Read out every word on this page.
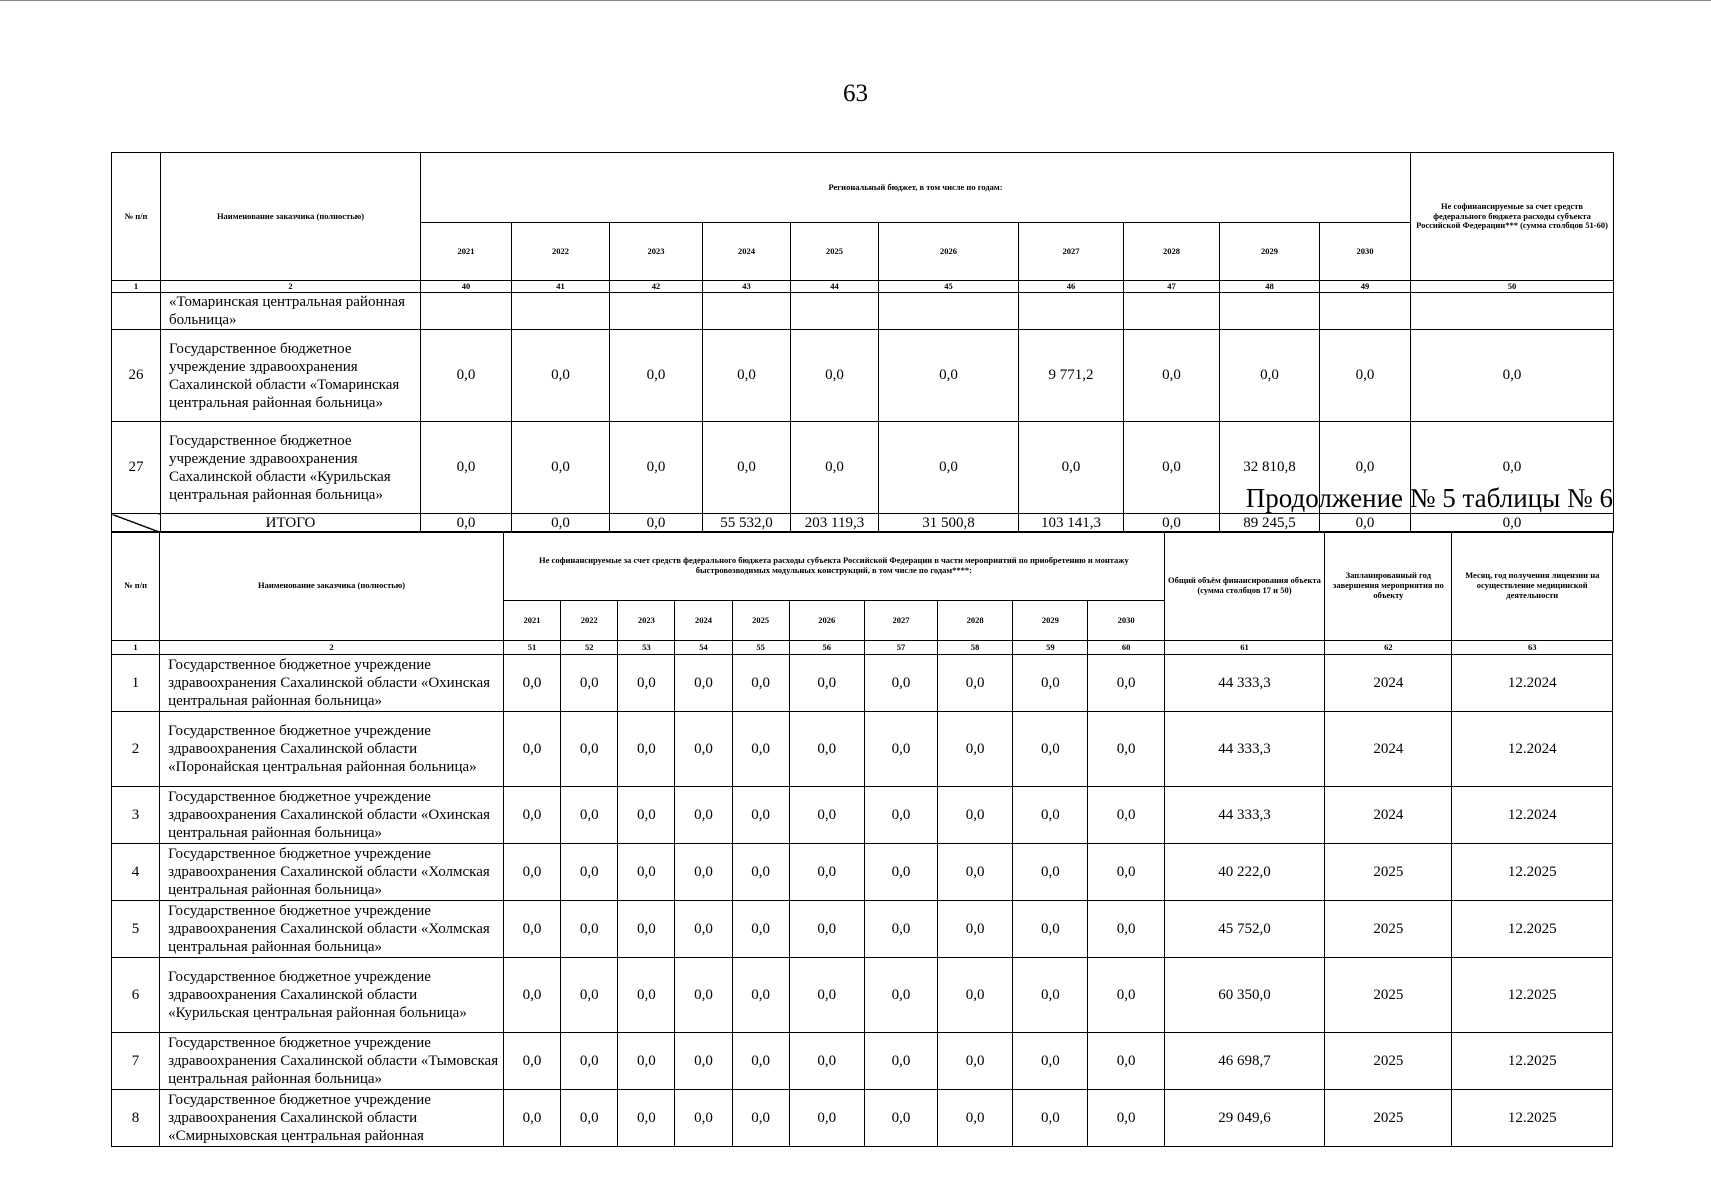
63
№ п/п	Наименование заказчика (полностью)	Региональный бюджет, в том числе по годам:										Не софинансируемые за счет средств федерального бюджета расходы субъекта Российской Федерации*** (сумма столбцов 51-60)
		2021	2022	2023	2024	2025	2026	2027	2028	2029	2030	
1	2	40	41	42	43	44	45	46	47	48	49	50
	«Томаринская центральная районная больница»											
26	Государственное бюджетное учреждение здравоохранения Сахалинской области «Томаринская центральная районная больница»	0,0	0,0	0,0	0,0	0,0	0,0	9 771,2	0,0	0,0	0,0	0,0
27	Государственное бюджетное учреждение здравоохранения Сахалинской области «Курильская центральная районная больница»	0,0	0,0	0,0	0,0	0,0	0,0	0,0	0,0	32 810,8	0,0	0,0
	ИТОГО	0,0	0,0	0,0	55 532,0	203 119,3	31 500,8	103 141,3	0,0	89 245,5	0,0	0,0
Продолжение № 5 таблицы № 6
№ п/п	Наименование заказчика (полностью)	Не софинансируемые за счет средств федерального бюджета расходы субъекта Российской Федерации в части мероприятий по приобретению и монтажу быстровозводимых модульных конструкций, в том числе по годам****:										Общий объём финансирования объекта (сумма столбцов 17 и 50)	Запланированный год завершения мероприятия по объекту	Месяц, год получения лицензии на осуществление медицинской деятельности
		2021	2022	2023	2024	2025	2026	2027	2028	2029	2030			
1	2	51	52	53	54	55	56	57	58	59	60	61	62	63
1	Государственное бюджетное учреждение здравоохранения Сахалинской области «Охинская центральная районная больница»	0,0	0,0	0,0	0,0	0,0	0,0	0,0	0,0	0,0	0,0	44 333,3	2024	12.2024
2	Государственное бюджетное учреждение здравоохранения Сахалинской области «Поронайская центральная районная больница»	0,0	0,0	0,0	0,0	0,0	0,0	0,0	0,0	0,0	0,0	44 333,3	2024	12.2024
3	Государственное бюджетное учреждение здравоохранения Сахалинской области «Охинская центральная районная больница»	0,0	0,0	0,0	0,0	0,0	0,0	0,0	0,0	0,0	0,0	44 333,3	2024	12.2024
4	Государственное бюджетное учреждение здравоохранения Сахалинской области «Холмская центральная районная больница»	0,0	0,0	0,0	0,0	0,0	0,0	0,0	0,0	0,0	0,0	40 222,0	2025	12.2025
5	Государственное бюджетное учреждение здравоохранения Сахалинской области «Холмская центральная районная больница»	0,0	0,0	0,0	0,0	0,0	0,0	0,0	0,0	0,0	0,0	45 752,0	2025	12.2025
6	Государственное бюджетное учреждение здравоохранения Сахалинской области «Курильская центральная районная больница»	0,0	0,0	0,0	0,0	0,0	0,0	0,0	0,0	0,0	0,0	60 350,0	2025	12.2025
7	Государственное бюджетное учреждение здравоохранения Сахалинской области «Тымовская центральная районная больница»	0,0	0,0	0,0	0,0	0,0	0,0	0,0	0,0	0,0	0,0	46 698,7	2025	12.2025
8	Государственное бюджетное учреждение здравоохранения Сахалинской области «Смирныховская центральная районная	0,0	0,0	0,0	0,0	0,0	0,0	0,0	0,0	0,0	0,0	29 049,6	2025	12.2025
